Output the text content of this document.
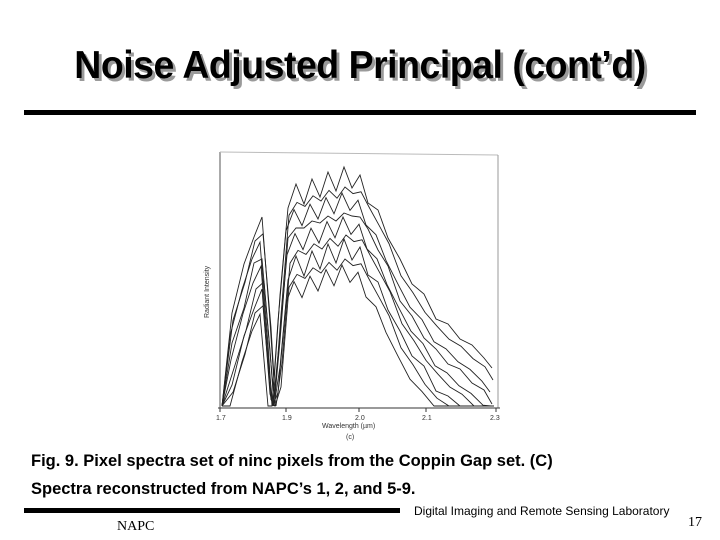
Noise Adjusted Principal (cont’d)
1.7	1.9	2.0	2.1	2.3
Wavelength (µm)
(c)
Radiant Intensity
Fig. 9. Pixel spectra set of ninc pixels from the Coppin Gap set. (C)
Spectra reconstructed from NAPC’s 1, 2, and 5-9.
NAPC
Digital Imaging and Remote Sensing Laboratory
17
